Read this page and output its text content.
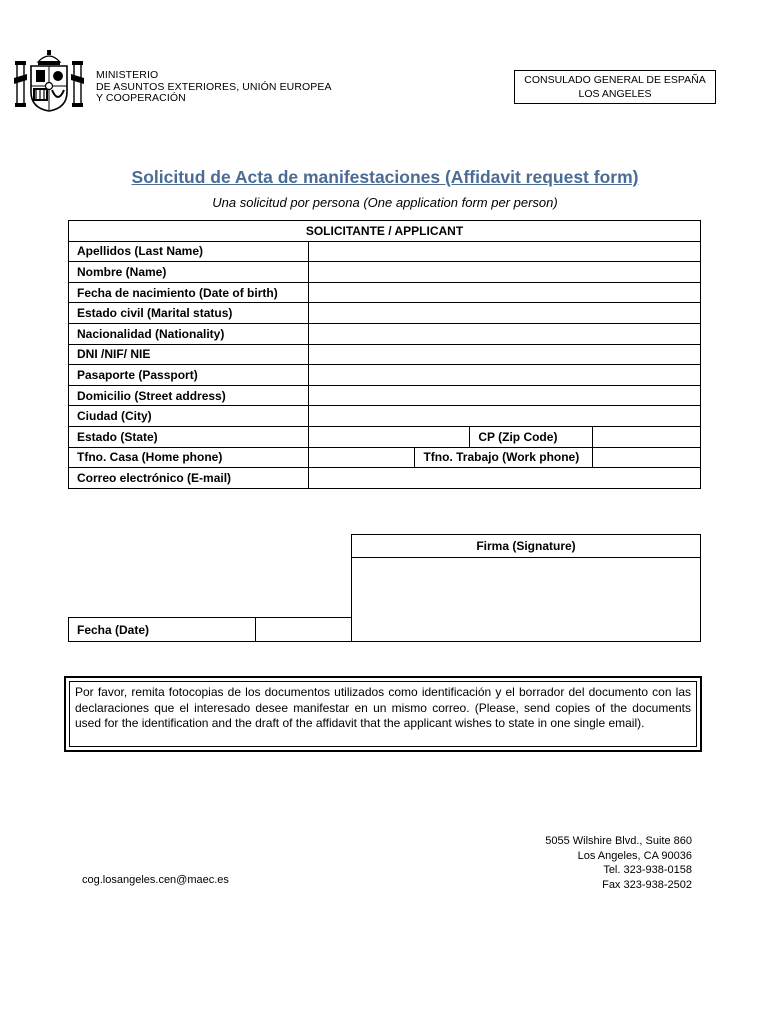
MINISTERIO
DE ASUNTOS EXTERIORES, UNIÓN EUROPEA
Y COOPERACIÓN
CONSULADO GENERAL DE ESPAÑA
LOS ANGELES
Solicitud de Acta de manifestaciones (Affidavit request form)
Una solicitud por persona (One application form per person)
SOLICITANTE / APPLICANT				
Apellidos (Last Name)				
Nombre (Name)				
Fecha de nacimiento (Date of birth)				
Estado civil (Marital status)				
Nacionalidad (Nationality)				
DNI /NIF/ NIE				
Pasaporte (Passport)				
Domicilio (Street address)				
Ciudad (City)				
Estado (State)			CP (Zip Code)	
Tfno. Casa (Home phone)		Tfno. Trabajo (Work phone)		
Correo electrónico (E-mail)				
Firma (Signature)
Fecha (Date)
Por favor, remita fotocopias de los documentos utilizados como identificación y el borrador del documento con las declaraciones que el interesado desee manifestar en un mismo correo. (Please, send copies of the documents used for the identification and the draft of the affidavit that the applicant wishes to state in one single email).
cog.losangeles.cen@maec.es
5055 Wilshire Blvd., Suite 860
Los Angeles, CA 90036
Tel. 323-938-0158
Fax 323-938-2502
